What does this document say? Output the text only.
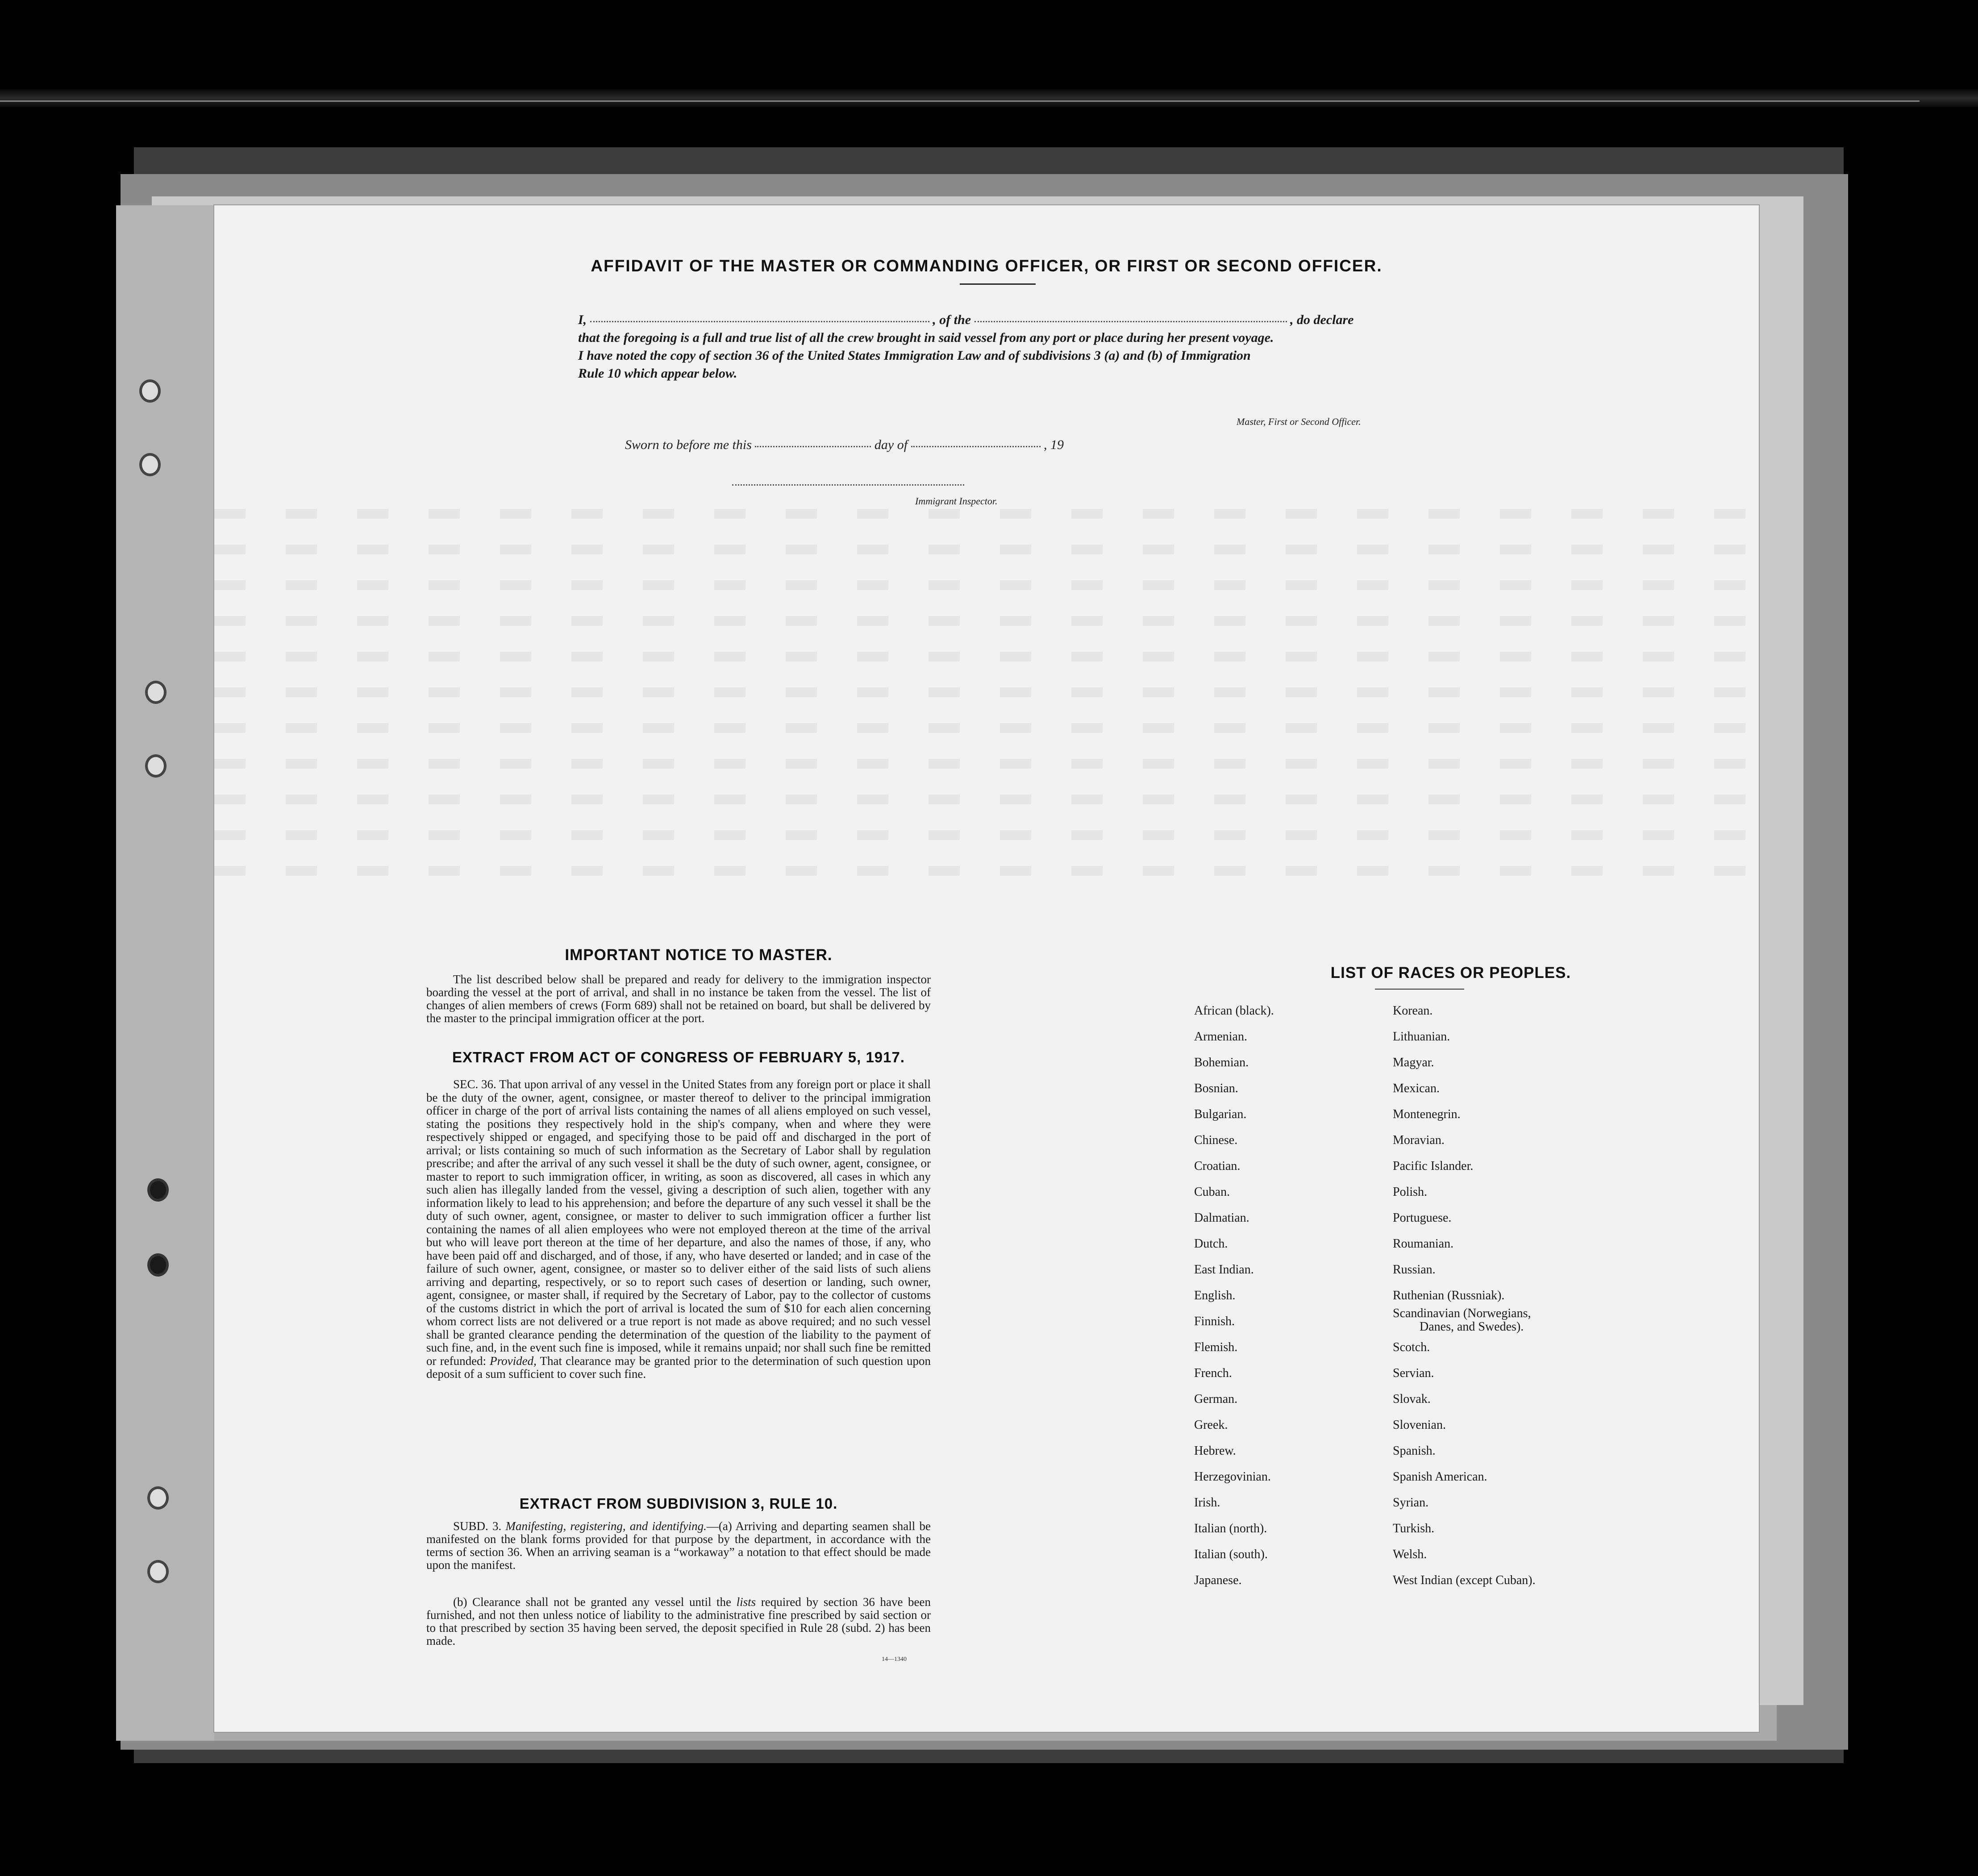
AFFIDAVIT OF THE MASTER OR COMMANDING OFFICER, OR FIRST OR SECOND OFFICER.
I,	, of the	, do declare
that the foregoing is a full and true list of all the crew brought in said vessel from any port or place during her present voyage.
I have noted the copy of section 36 of the United States Immigration Law and of subdivisions 3 (a) and (b) of Immigration
Rule 10 which appear below.
Master, First or Second Officer.
Sworn to before me this	day of	, 19
Immigrant Inspector.
IMPORTANT NOTICE TO MASTER.
The list described below shall be prepared and ready for delivery to the immigration inspector boarding the vessel at the port of arrival, and shall in no instance be taken from the vessel. The list of changes of alien members of crews (Form 689) shall not be retained on board, but shall be delivered by the master to the principal immigration officer at the port.
EXTRACT FROM ACT OF CONGRESS OF FEBRUARY 5, 1917.
SEC. 36. That upon arrival of any vessel in the United States from any foreign port or place it shall be the duty of the owner, agent, consignee, or master thereof to deliver to the principal immigration officer in charge of the port of arrival lists containing the names of all aliens employed on such vessel, stating the positions they respectively hold in the ship's company, when and where they were respectively shipped or engaged, and specifying those to be paid off and discharged in the port of arrival; or lists containing so much of such information as the Secretary of Labor shall by regulation prescribe; and after the arrival of any such vessel it shall be the duty of such owner, agent, consignee, or master to report to such immigration officer, in writing, as soon as discovered, all cases in which any such alien has illegally landed from the vessel, giving a description of such alien, together with any information likely to lead to his apprehension; and before the departure of any such vessel it shall be the duty of such owner, agent, consignee, or master to deliver to such immigration officer a further list containing the names of all alien employees who were not employed thereon at the time of the arrival but who will leave port thereon at the time of her departure, and also the names of those, if any, who have been paid off and discharged, and of those, if any, who have deserted or landed; and in case of the failure of such owner, agent, consignee, or master so to deliver either of the said lists of such aliens arriving and departing, respectively, or so to report such cases of desertion or landing, such owner, agent, consignee, or master shall, if required by the Secretary of Labor, pay to the collector of customs of the customs district in which the port of arrival is located the sum of $10 for each alien concerning whom correct lists are not delivered or a true report is not made as above required; and no such vessel shall be granted clearance pending the determination of the question of the liability to the payment of such fine, and, in the event such fine is imposed, while it remains unpaid; nor shall such fine be remitted or refunded: Provided, That clearance may be granted prior to the determination of such question upon deposit of a sum sufficient to cover such fine.
EXTRACT FROM SUBDIVISION 3, RULE 10.
SUBD. 3. Manifesting, registering, and identifying.—(a) Arriving and departing seamen shall be manifested on the blank forms provided for that purpose by the department, in accordance with the terms of section 36. When an arriving seaman is a “workaway” a notation to that effect should be made upon the manifest.
(b) Clearance shall not be granted any vessel until the lists required by section 36 have been furnished, and not then unless notice of liability to the administrative fine prescribed by said section or to that prescribed by section 35 having been served, the deposit specified in Rule 28 (subd. 2) has been made.
14—1340
LIST OF RACES OR PEOPLES.
African (black).
Armenian.
Bohemian.
Bosnian.
Bulgarian.
Chinese.
Croatian.
Cuban.
Dalmatian.
Dutch.
East Indian.
English.
Finnish.
Flemish.
French.
German.
Greek.
Hebrew.
Herzegovinian.
Irish.
Italian (north).
Italian (south).
Japanese.
Korean.
Lithuanian.
Magyar.
Mexican.
Montenegrin.
Moravian.
Pacific Islander.
Polish.
Portuguese.
Roumanian.
Russian.
Ruthenian (Russniak).
Scandinavian (Norwegians,
Danes, and Swedes).
Scotch.
Servian.
Slovak.
Slovenian.
Spanish.
Spanish American.
Syrian.
Turkish.
Welsh.
West Indian (except Cuban).
